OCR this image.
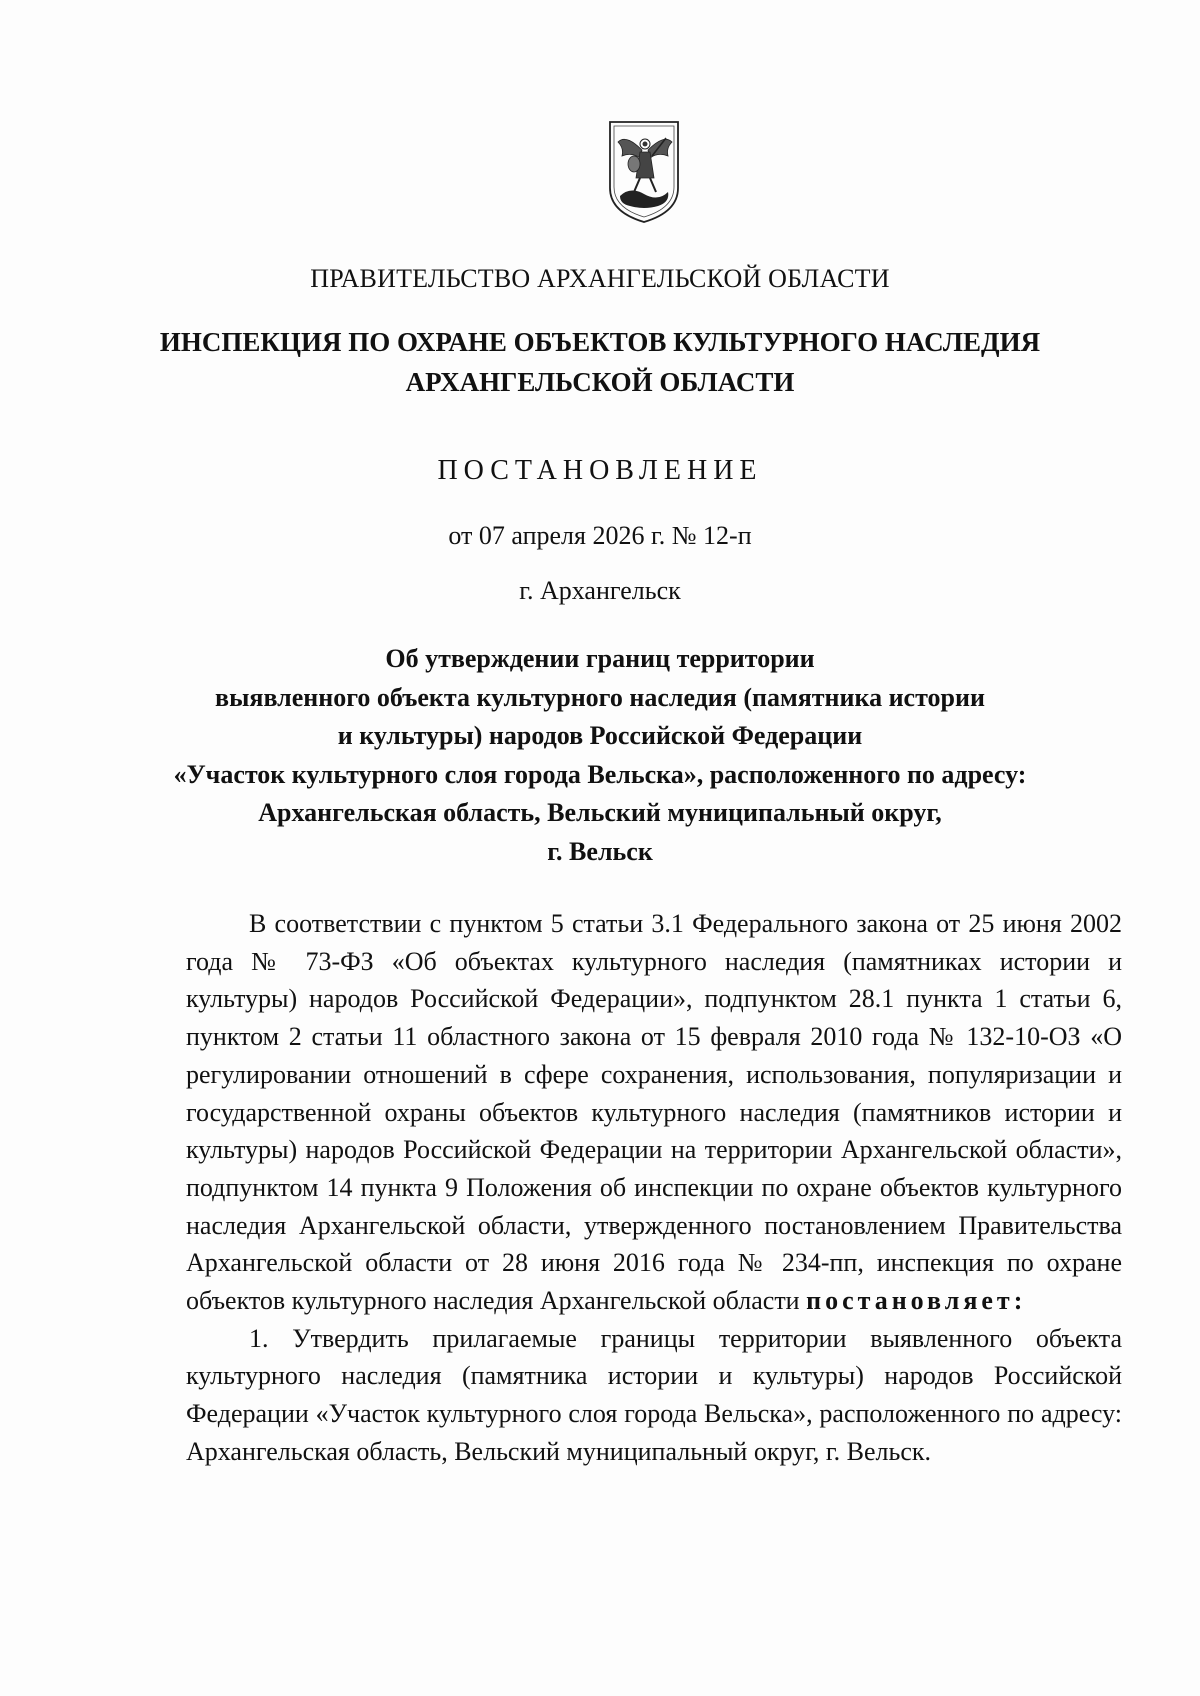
ПРАВИТЕЛЬСТВО АРХАНГЕЛЬСКОЙ ОБЛАСТИ
ИНСПЕКЦИЯ ПО ОХРАНЕ ОБЪЕКТОВ КУЛЬТУРНОГО НАСЛЕДИЯ
АРХАНГЕЛЬСКОЙ ОБЛАСТИ
ПОСТАНОВЛЕНИЕ
от 07 апреля 2026 г. № 12-п
г. Архангельск
Об утверждении границ территории
выявленного объекта культурного наследия (памятника истории
и культуры) народов Российской Федерации
«Участок культурного слоя города Вельска», расположенного по адресу:
Архангельская область, Вельский муниципальный округ,
г. Вельск

В соответствии с пунктом 5 статьи 3.1 Федерального закона от 25 июня 2002 года № 73-ФЗ «Об объектах культурного наследия (памятниках истории и культуры) народов Российской Федерации», подпунктом 28.1 пункта 1 статьи 6, пунктом 2 статьи 11 областного закона от 15 февраля 2010 года № 132-10-ОЗ «О регулировании отношений в сфере сохранения, использования, популяризации и государственной охраны объектов культурного наследия (памятников истории и культуры) народов Российской Федерации на территории Архангельской области», подпунктом 14 пункта 9 Положения об инспекции по охране объектов культурного наследия Архангельской области, утвержденного постановлением Правительства Архангельской области от 28 июня 2016 года № 234-пп, инспекция по охране объектов культурного наследия Архангельской области постановляет:

1. Утвердить прилагаемые границы территории выявленного объекта культурного наследия (памятника истории и культуры) народов Российской Федерации «Участок культурного слоя города Вельска», расположенного по адресу: Архангельская область, Вельский муниципальный округ, г. Вельск.
